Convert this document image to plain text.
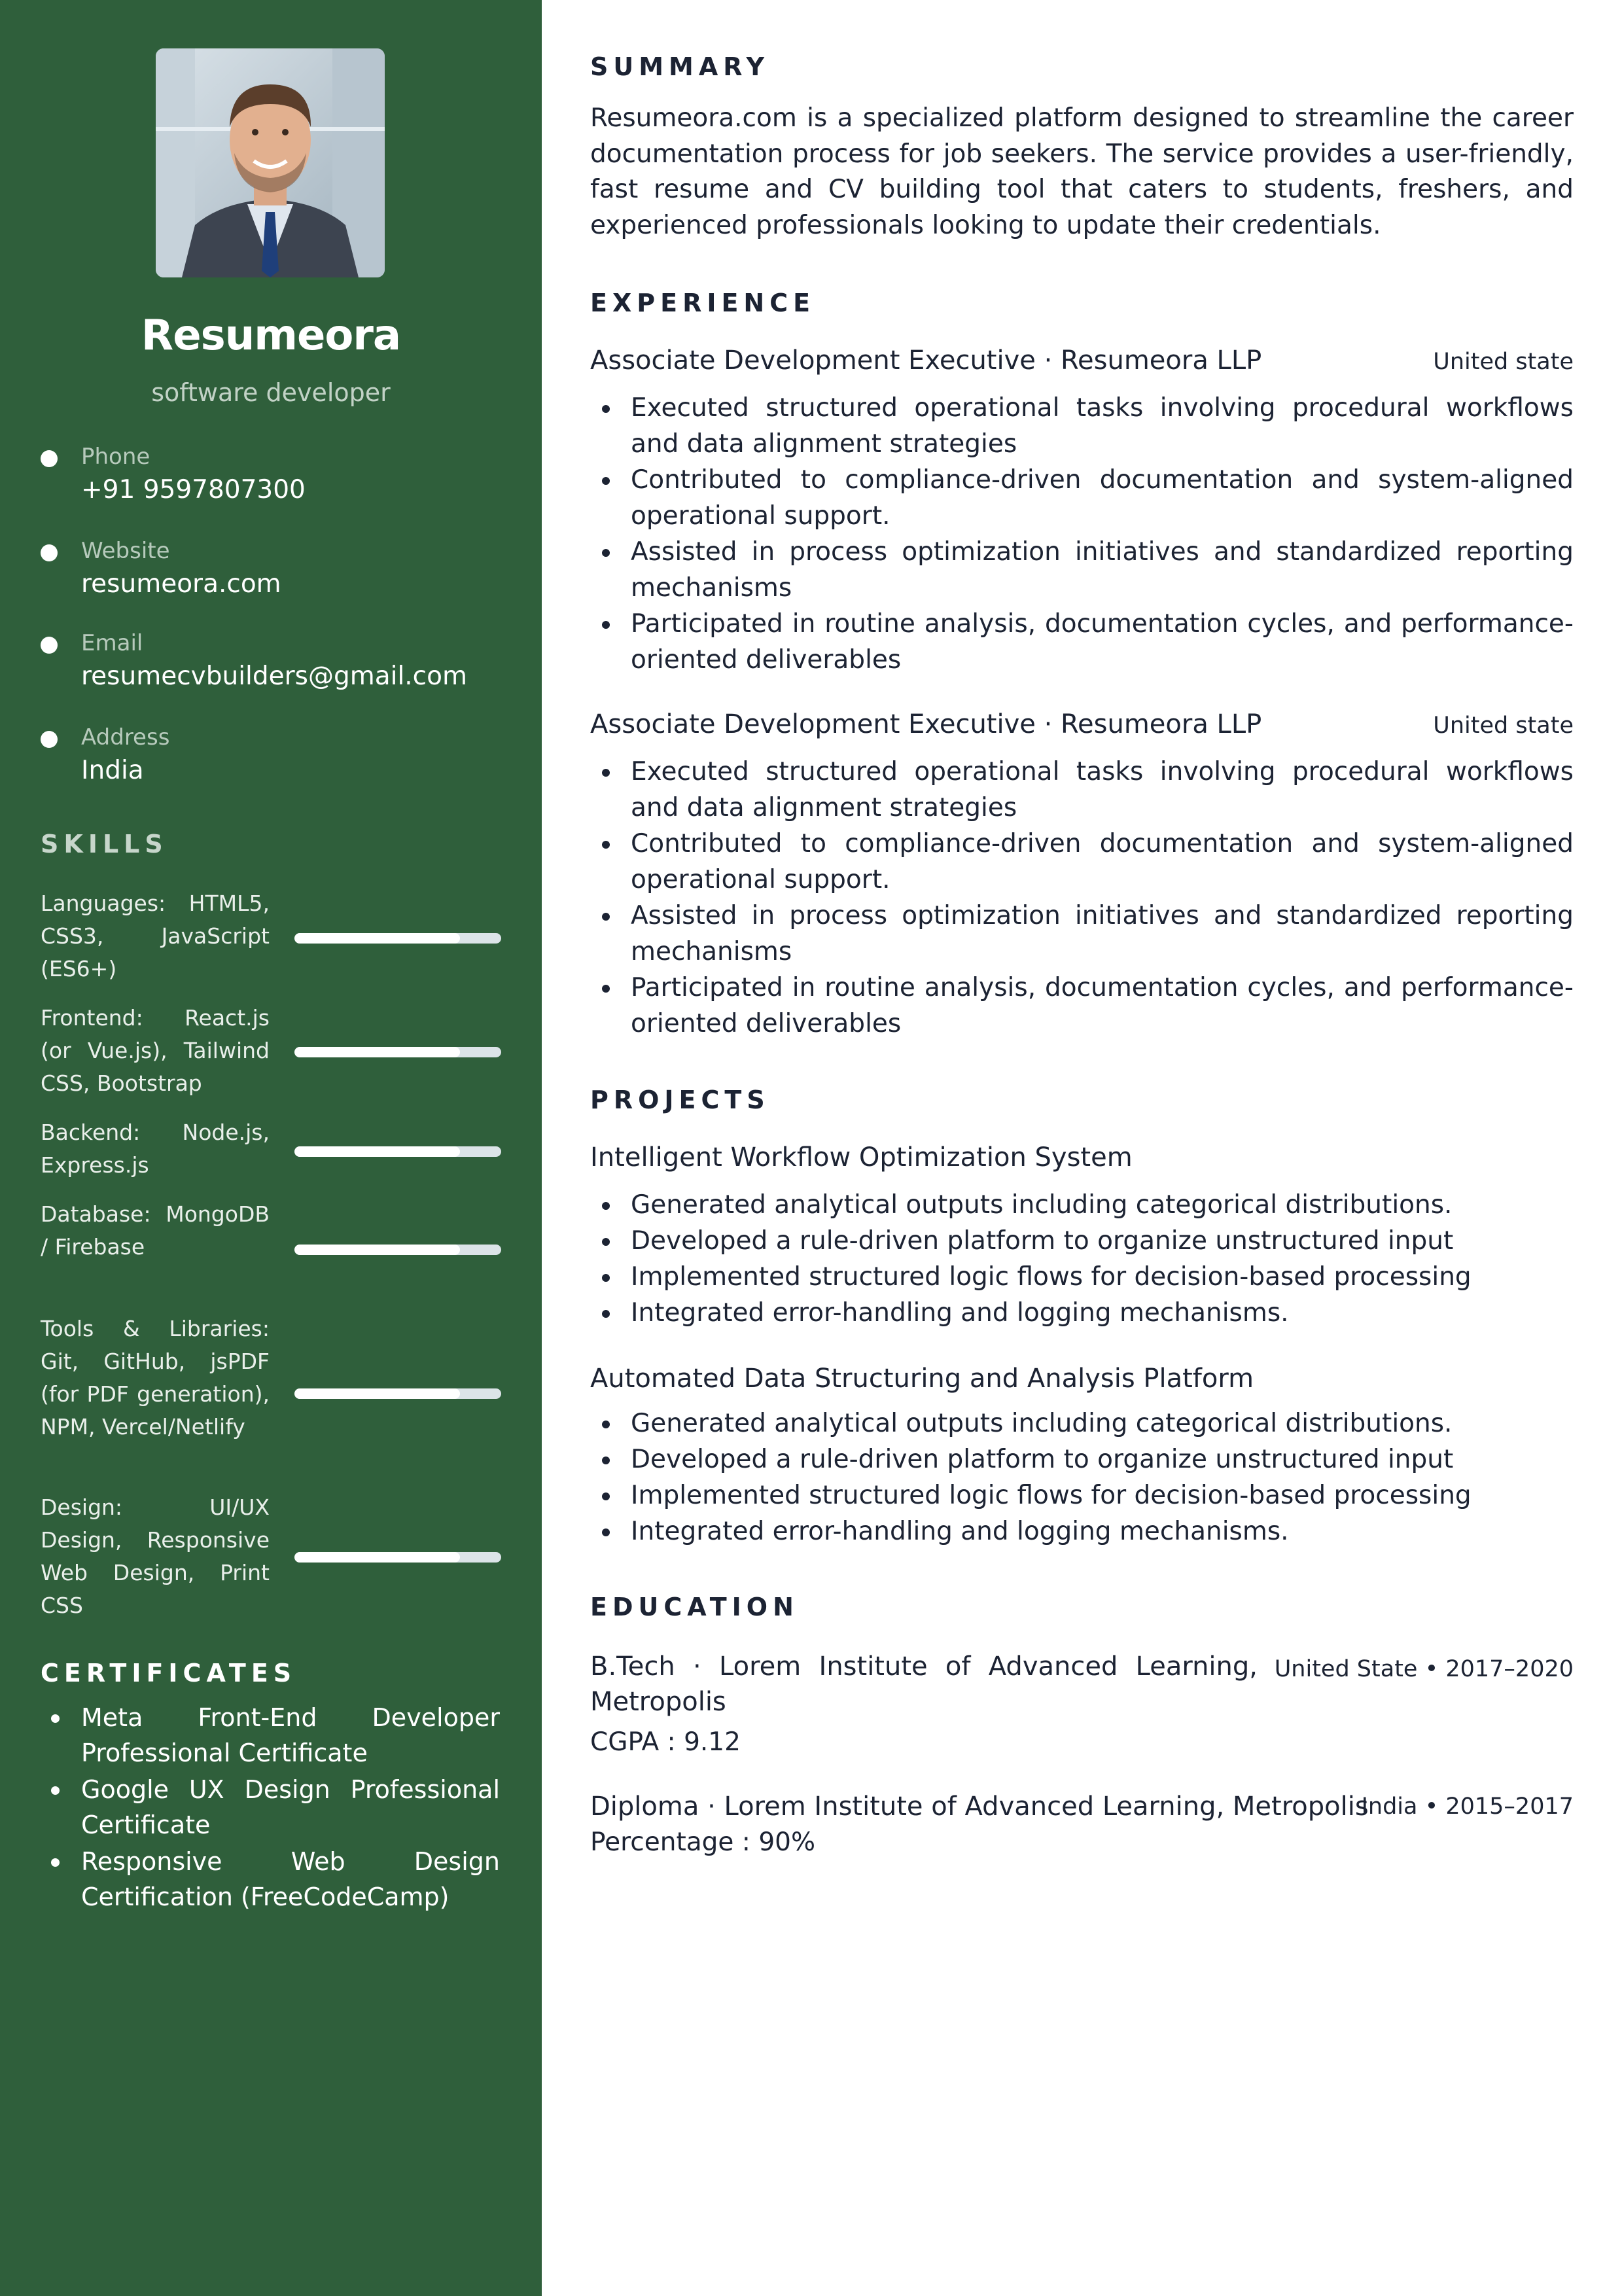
Resumeora
software developer
Phone
+91 9597807300
Website
resumeora.com
Email
resumecvbuilders@gmail.com
Address
India
SKILLS
Languages: HTML5, CSS3, JavaScript (ES6+)
Frontend: React.js (or Vue.js), Tailwind CSS, Bootstrap
Backend: Node.js, Express.js
Database: MongoDB / Firebase
Tools & Libraries: Git, GitHub, jsPDF (for PDF generation), NPM, Vercel/Netlify
Design: UI/UX Design, Responsive Web Design, Print CSS
CERTIFICATES
Meta Front-End Developer Professional Certificate
Google UX Design Professional Certificate
Responsive Web Design Certification (FreeCodeCamp)
SUMMARY

Resumeora.com is a specialized platform designed to streamline the career documentation process for job seekers. The service provides a user-friendly, fast resume and CV building tool that caters to students, freshers, and experienced professionals looking to update their credentials.

EXPERIENCE
Associate Development Executive · Resumeora LLP	United state
Executed structured operational tasks involving procedural workflows and data alignment strategies
Contributed to compliance-driven documentation and system-aligned operational support.
Assisted in process optimization initiatives and standardized reporting mechanisms
Participated in routine analysis, documentation cycles, and performance-oriented deliverables
Associate Development Executive · Resumeora LLP	United state
Executed structured operational tasks involving procedural workflows and data alignment strategies
Contributed to compliance-driven documentation and system-aligned operational support.
Assisted in process optimization initiatives and standardized reporting mechanisms
Participated in routine analysis, documentation cycles, and performance-oriented deliverables
PROJECTS
Intelligent Workflow Optimization System
Generated analytical outputs including categorical distributions.
Developed a rule-driven platform to organize unstructured input
Implemented structured logic flows for decision-based processing
Integrated error-handling and logging mechanisms.
Automated Data Structuring and Analysis Platform
Generated analytical outputs including categorical distributions.
Developed a rule-driven platform to organize unstructured input
Implemented structured logic flows for decision-based processing
Integrated error-handling and logging mechanisms.
EDUCATION
B.Tech · Lorem Institute of Advanced Learning, Metropolis
United State • 2017–2020
CGPA : 9.12
Diploma · Lorem Institute of Advanced Learning, Metropolis
India • 2015–2017
Percentage : 90%
